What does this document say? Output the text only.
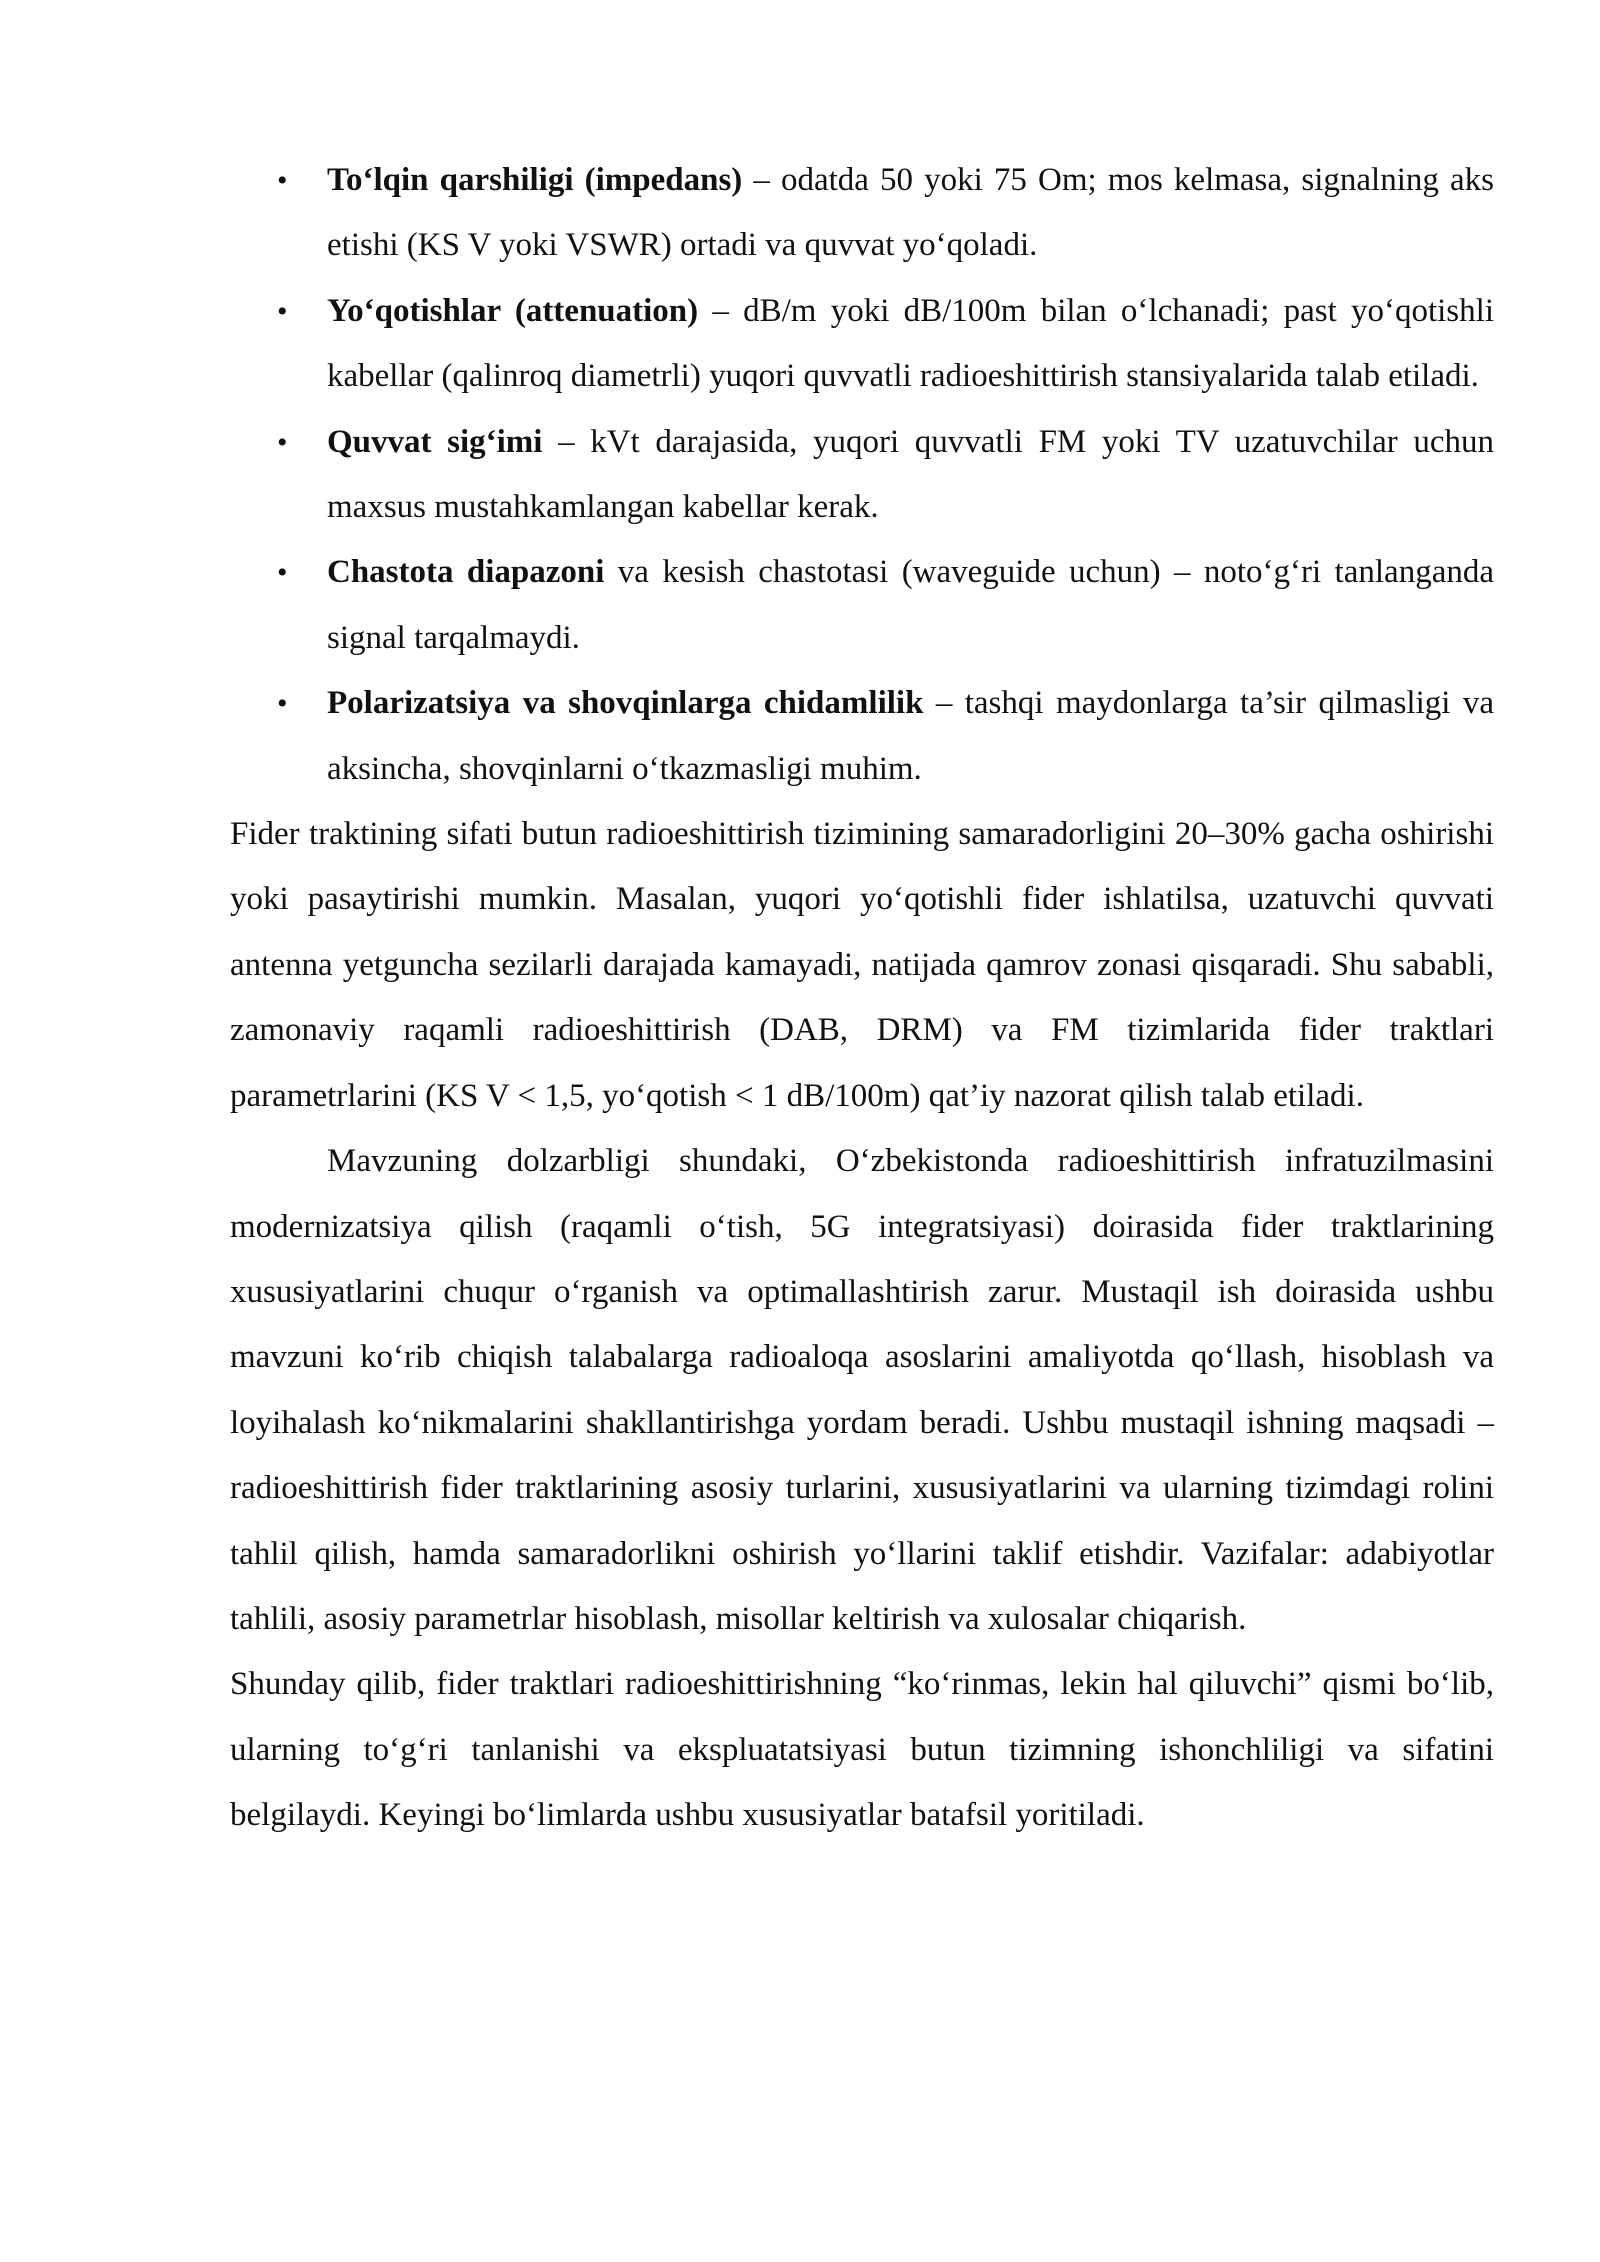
• To‘lqin qarshiligi (impedans) – odatda 50 yoki 75 Om; mos kelmasa, signalning aks etishi (KS V yoki VSWR) ortadi va quvvat yo‘qoladi.
• Yo‘qotishlar (attenuation) – dB/m yoki dB/100m bilan o‘lchanadi; past yo‘qotishli kabellar (qalinroq diametrli) yuqori quvvatli radioeshittirish stansiyalarida talab etiladi.
• Quvvat sig‘imi – kVt darajasida, yuqori quvvatli FM yoki TV uzatuvchilar uchun maxsus mustahkamlangan kabellar kerak.
• Chastota diapazoni va kesish chastotasi (waveguide uchun) – noto‘g‘ri tanlanganda signal tarqalmaydi.
• Polarizatsiya va shovqinlarga chidamlilik – tashqi maydonlarga ta’sir qilmasligi va aksincha, shovqinlarni o‘tkazmasligi muhim.

Fider traktining sifati butun radioeshittirish tizimining samaradorligini 20–30% gacha oshirishi yoki pasaytirishi mumkin. Masalan, yuqori yo‘qotishli fider ishlatilsa, uzatuvchi quvvati antenna yetguncha sezilarli darajada kamayadi, natijada qamrov zonasi qisqaradi. Shu sababli, zamonaviy raqamli radioeshittirish (DAB, DRM) va FM tizimlarida fider traktlari parametrlarini (KS V < 1,5, yo‘qotish < 1 dB/100m) qat’iy nazorat qilish talab etiladi.

Mavzuning dolzarbligi shundaki, O‘zbekistonda radioeshittirish infratuzilmasini modernizatsiya qilish (raqamli o‘tish, 5G integratsiyasi) doirasida fider traktlarining xususiyatlarini chuqur o‘rganish va optimallashtirish zarur. Mustaqil ish doirasida ushbu mavzuni ko‘rib chiqish talabalarga radioaloqa asoslarini amaliyotda qo‘llash, hisoblash va loyihalash ko‘nikmalarini shakllantirishga yordam beradi. Ushbu mustaqil ishning maqsadi – radioeshittirish fider traktlarining asosiy turlarini, xususiyatlarini va ularning tizimdagi rolini tahlil qilish, hamda samaradorlikni oshirish yo‘llarini taklif etishdir. Vazifalar: adabiyotlar tahlili, asosiy parametrlar hisoblash, misollar keltirish va xulosalar chiqarish.

Shunday qilib, fider traktlari radioeshittirishning “ko‘rinmas, lekin hal qiluvchi” qismi bo‘lib, ularning to‘g‘ri tanlanishi va ekspluatatsiyasi butun tizimning ishonchliligi va sifatini belgilaydi. Keyingi bo‘limlarda ushbu xususiyatlar batafsil yoritiladi.
